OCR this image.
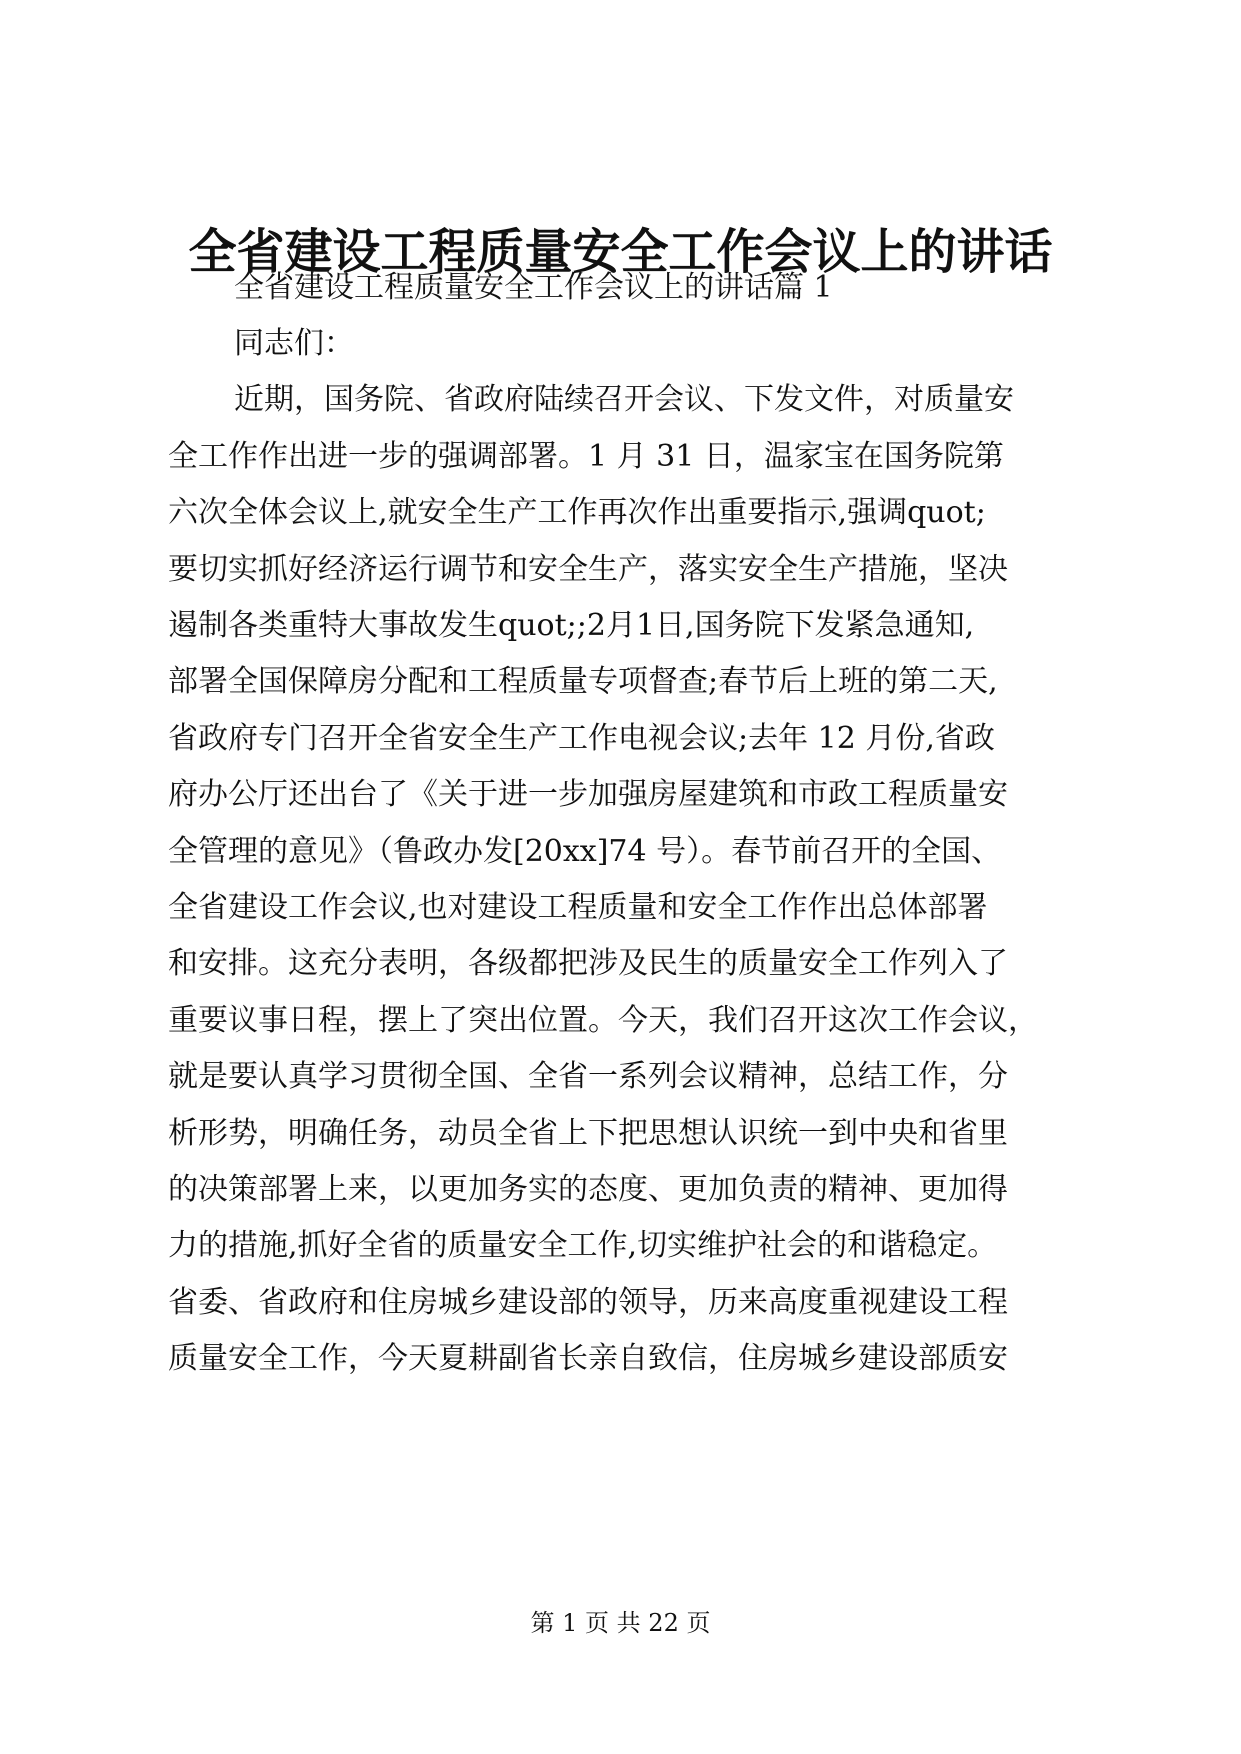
全省建设工程质量安全工作会议上的讲话
全省建设工程质量安全工作会议上的讲话篇 1
同志们：
近期，国务院、省政府陆续召开会议、下发文件，对质量安
全工作作出进一步的强调部署。1 月 31 日，温家宝在国务院第
六次全体会议上,就安全生产工作再次作出重要指示,强调quot;
要切实抓好经济运行调节和安全生产，落实安全生产措施，坚决
遏制各类重特大事故发生quot;;2月1日,国务院下发紧急通知,
部署全国保障房分配和工程质量专项督查;春节后上班的第二天,
省政府专门召开全省安全生产工作电视会议;去年 12 月份,省政
府办公厅还出台了《关于进一步加强房屋建筑和市政工程质量安
全管理的意见》（鲁政办发[20xx]74 号）。春节前召开的全国、
全省建设工作会议,也对建设工程质量和安全工作作出总体部署
和安排。这充分表明，各级都把涉及民生的质量安全工作列入了
重要议事日程，摆上了突出位置。今天，我们召开这次工作会议，
就是要认真学习贯彻全国、全省一系列会议精神，总结工作，分
析形势，明确任务，动员全省上下把思想认识统一到中央和省里
的决策部署上来，以更加务实的态度、更加负责的精神、更加得
力的措施,抓好全省的质量安全工作,切实维护社会的和谐稳定。
省委、省政府和住房城乡建设部的领导，历来高度重视建设工程
质量安全工作，今天夏耕副省长亲自致信，住房城乡建设部质安
第 1 页 共 22 页
